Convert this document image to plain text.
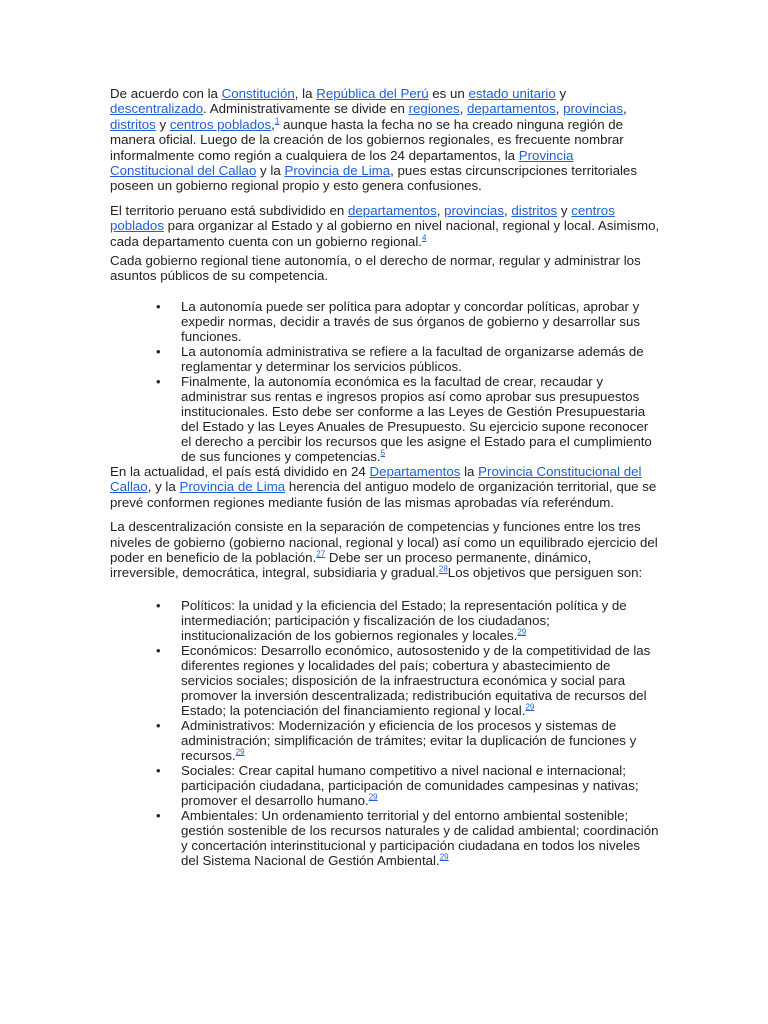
De acuerdo con la Constitución, la República del Perú es un estado unitario y descentralizado. Administrativamente se divide en regiones, departamentos, provincias, distritos y centros poblados,$^1$ aunque hasta la fecha no se ha creado ninguna región de manera oficial. Luego de la creación de los gobiernos regionales, es frecuente nombrar informalmente como región a cualquiera de los 24 departamentos, la Provincia Constitucional del Callao y la Provincia de Lima, pues estas circunscripciones territoriales poseen un gobierno regional propio y esto genera confusiones.

El territorio peruano está subdividido en departamentos, provincias, distritos y centros poblados para organizar al Estado y al gobierno en nivel nacional, regional y local. Asimismo, cada departamento cuenta con un gobierno regional.$^4$

Cada gobierno regional tiene autonomía, o el derecho de normar, regular y administrar los asuntos públicos de su competencia.

• La autonomía puede ser política para adoptar y concordar políticas, aprobar y expedir normas, decidir a través de sus órganos de gobierno y desarrollar sus funciones.
• La autonomía administrativa se refiere a la facultad de organizarse además de reglamentar y determinar los servicios públicos.
• Finalmente, la autonomía económica es la facultad de crear, recaudar y administrar sus rentas e ingresos propios así como aprobar sus presupuestos institucionales. Esto debe ser conforme a las Leyes de Gestión Presupuestaria del Estado y las Leyes Anuales de Presupuesto. Su ejercicio supone reconocer el derecho a percibir los recursos que les asigne el Estado para el cumplimiento de sus funciones y competencias.$^5$

En la actualidad, el país está dividido en 24 Departamentos la Provincia Constitucional del Callao, y la Provincia de Lima herencia del antiguo modelo de organización territorial, que se prevé conformen regiones mediante fusión de las mismas aprobadas vía referéndum.

La descentralización consiste en la separación de competencias y funciones entre los tres niveles de gobierno (gobierno nacional, regional y local) así como un equilibrado ejercicio del poder en beneficio de la población.$^{27}$ Debe ser un proceso permanente, dinámico, irreversible, democrática, integral, subsidiaria y gradual.$^{28}$Los objetivos que persiguen son:

• Políticos: la unidad y la eficiencia del Estado; la representación política y de intermediación; participación y fiscalización de los ciudadanos; institucionalización de los gobiernos regionales y locales.$^{29}$
• Económicos: Desarrollo económico, autosostenido y de la competitividad de las diferentes regiones y localidades del país; cobertura y abastecimiento de servicios sociales; disposición de la infraestructura económica y social para promover la inversión descentralizada; redistribución equitativa de recursos del Estado; la potenciación del financiamiento regional y local.$^{29}$
• Administrativos: Modernización y eficiencia de los procesos y sistemas de administración; simplificación de trámites; evitar la duplicación de funciones y recursos.$^{29}$
• Sociales: Crear capital humano competitivo a nivel nacional e internacional; participación ciudadana, participación de comunidades campesinas y nativas; promover el desarrollo humano.$^{29}$
• Ambientales: Un ordenamiento territorial y del entorno ambiental sostenible; gestión sostenible de los recursos naturales y de calidad ambiental; coordinación y concertación interinstitucional y participación ciudadana en todos los niveles del Sistema Nacional de Gestión Ambiental.$^{29}$
